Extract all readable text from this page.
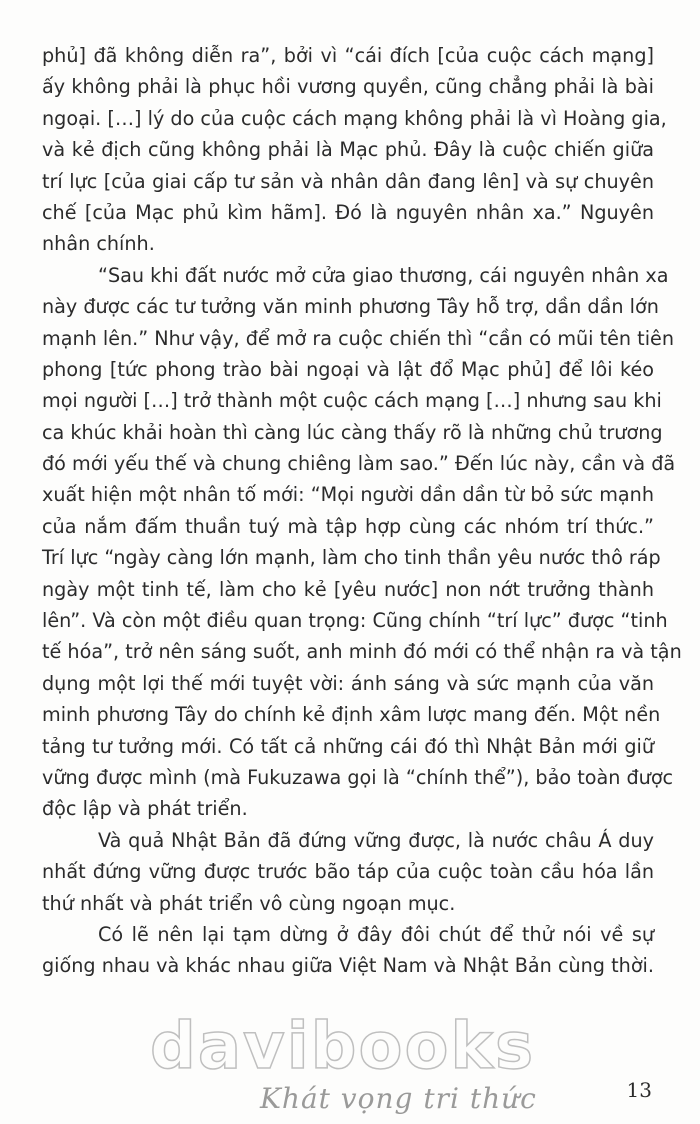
phủ] đã không diễn ra”, bởi vì “cái đích [của cuộc cách mạng]
ấy không phải là phục hồi vương quyền, cũng chẳng phải là bài
ngoại. […] lý do của cuộc cách mạng không phải là vì Hoàng gia,
và kẻ địch cũng không phải là Mạc phủ. Đây là cuộc chiến giữa
trí lực [của giai cấp tư sản và nhân dân đang lên] và sự chuyên
chế [của Mạc phủ kìm hãm]. Đó là nguyên nhân xa.” Nguyên
nhân chính.
“Sau khi đất nước mở cửa giao thương, cái nguyên nhân xa
này được các tư tưởng văn minh phương Tây hỗ trợ, dần dần lớn
mạnh lên.” Như vậy, để mở ra cuộc chiến thì “cần có mũi tên tiên
phong [tức phong trào bài ngoại và lật đổ Mạc phủ] để lôi kéo
mọi người […] trở thành một cuộc cách mạng […] nhưng sau khi
ca khúc khải hoàn thì càng lúc càng thấy rõ là những chủ trương
đó mới yếu thế và chung chiêng làm sao.” Đến lúc này, cần và đã
xuất hiện một nhân tố mới: “Mọi người dần dần từ bỏ sức mạnh
của nắm đấm thuần tuý mà tập hợp cùng các nhóm trí thức.”
Trí lực “ngày càng lớn mạnh, làm cho tinh thần yêu nước thô ráp
ngày một tinh tế, làm cho kẻ [yêu nước] non nớt trưởng thành
lên”. Và còn một điều quan trọng: Cũng chính “trí lực” được “tinh
tế hóa”, trở nên sáng suốt, anh minh đó mới có thể nhận ra và tận
dụng một lợi thế mới tuyệt vời: ánh sáng và sức mạnh của văn
minh phương Tây do chính kẻ định xâm lược mang đến. Một nền
tảng tư tưởng mới. Có tất cả những cái đó thì Nhật Bản mới giữ
vững được mình (mà Fukuzawa gọi là “chính thể”), bảo toàn được
độc lập và phát triển.
Và quả Nhật Bản đã đứng vững được, là nước châu Á duy
nhất đứng vững được trước bão táp của cuộc toàn cầu hóa lần
thứ nhất và phát triển vô cùng ngoạn mục.
Có lẽ nên lại tạm dừng ở đây đôi chút để thử nói về sự
giống nhau và khác nhau giữa Việt Nam và Nhật Bản cùng thời.
davibooks
Khát vọng tri thức	13
